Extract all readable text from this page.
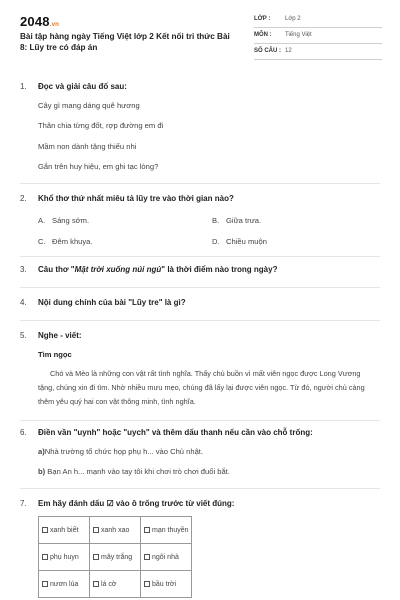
2048.vn
Bài tập hàng ngày Tiếng Việt lớp 2 Kết nối tri thức Bài 8: Lũy tre có đáp án
LỚP : Lớp 2
MÔN : Tiếng Việt
SỐ CÂU : 12
1. Đọc và giải câu đố sau:
Cây gì mang dáng quê hương
Thân chia từng đốt, rợp đường em đi
Mầm non dành tặng thiếu nhi
Gắn trên huy hiệu, em ghi tạc lòng?
2. Khổ thơ thứ nhất miêu tả lũy tre vào thời gian nào?
A. Sáng sớm.	B. Giữa trưa.
C. Đêm khuya.	D. Chiều muộn
3. Câu thơ "Mặt trời xuống núi ngủ" là thời điểm nào trong ngày?
4. Nội dung chính của bài "Lũy tre" là gì?
5. Nghe - viết:
Tìm ngọc
Chó và Mèo là những con vật rất tình nghĩa. Thấy chủ buồn vì mất viên ngọc được Long Vương tặng, chúng xin đi tìm. Nhờ nhiều mưu mẹo, chúng đã lấy lại được viên ngọc. Từ đó, người chủ càng thêm yêu quý hai con vật thông minh, tình nghĩa.
6. Điền vần "uynh" hoặc "uych" và thêm dấu thanh nếu cần vào chỗ trống:
a)Nhà trường tổ chức họp phụ h... vào Chủ nhật.
b) Bạn An h... mạnh vào tay tôi khi chơi trò chơi đuổi bắt.
7. Em hãy đánh dấu ☑ vào ô trống trước từ viết đúng:
xanh biết	xanh xao	mạn thuyền
phụ huyn	mây trắng	ngôi nhà
nươn lúa	lá cờ	bầu trời
